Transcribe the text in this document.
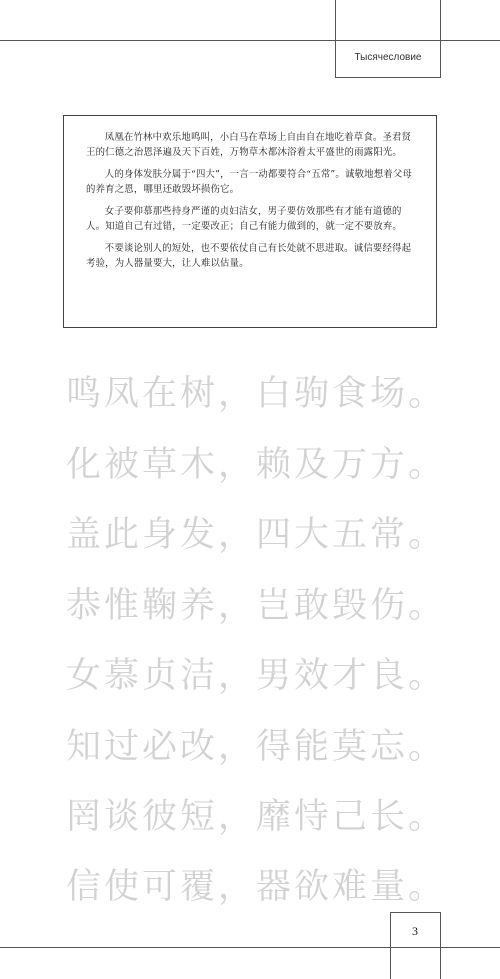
Тысячесловие

凤凰在竹林中欢乐地鸣叫，小白马在草场上自由自在地吃着草食。圣君贤王的仁德之治恩泽遍及天下百姓，万物草木都沐浴着太平盛世的雨露阳光。

人的身体发肤分属于“四大”，一言一动都要符合“五常”。诚敬地想着父母的养育之恩，哪里还敢毁坏损伤它。

女子要仰慕那些持身严谨的贞妇洁女，男子要仿效那些有才能有道德的人。知道自己有过错，一定要改正；自己有能力做到的，就一定不要放弃。

不要谈论别人的短处，也不要依仗自己有长处就不思进取。诚信要经得起考验，为人器量要大，让人难以估量。

鸣凤在树，白驹食场。
化被草木，赖及万方。
盖此身发，四大五常。
恭惟鞠养，岂敢毁伤。
女慕贞洁，男效才良。
知过必改，得能莫忘。
罔谈彼短，靡恃己长。
信使可覆，器欲难量。
3
